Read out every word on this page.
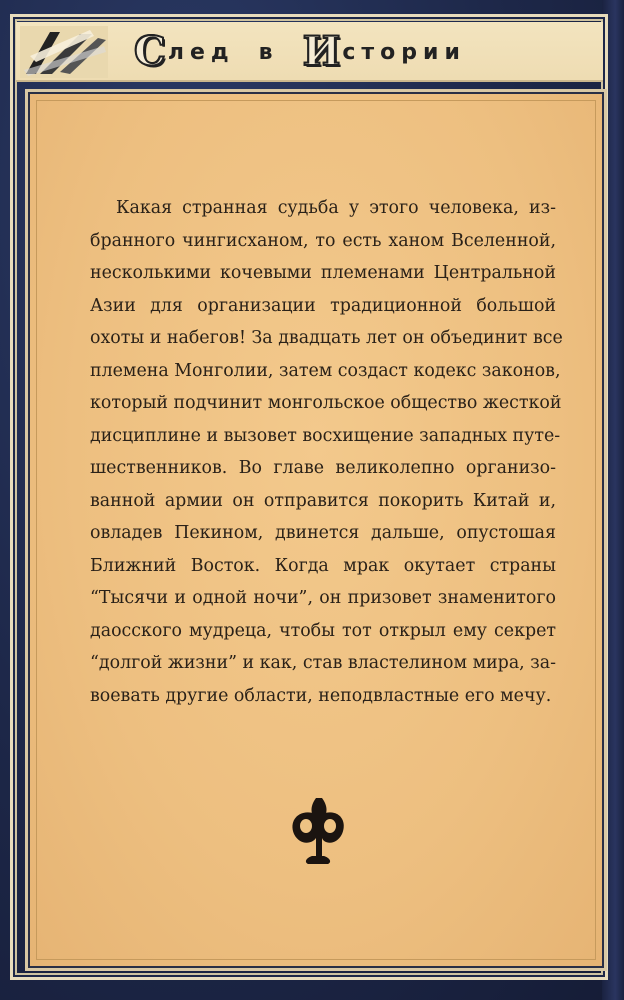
С лед в И стории
Какая странная судьба у этого человека, из-
бранного чингисханом, то есть ханом Вселенной,
несколькими кочевыми племенами Центральной
Азии для организации традиционной большой
охоты и набегов! За двадцать лет он объединит все
племена Монголии, затем создаст кодекс законов,
который подчинит монгольское общество жесткой
дисциплине и вызовет восхищение западных путе-
шественников. Во главе великолепно организо-
ванной армии он отправится покорить Китай и,
овладев Пекином, двинется дальше, опустошая
Ближний Восток. Когда мрак окутает страны
“Тысячи и одной ночи”, он призовет знаменитого
даосского мудреца, чтобы тот открыл ему секрет
“долгой жизни” и как, став властелином мира, за-
воевать другие области, неподвластные его мечу.
